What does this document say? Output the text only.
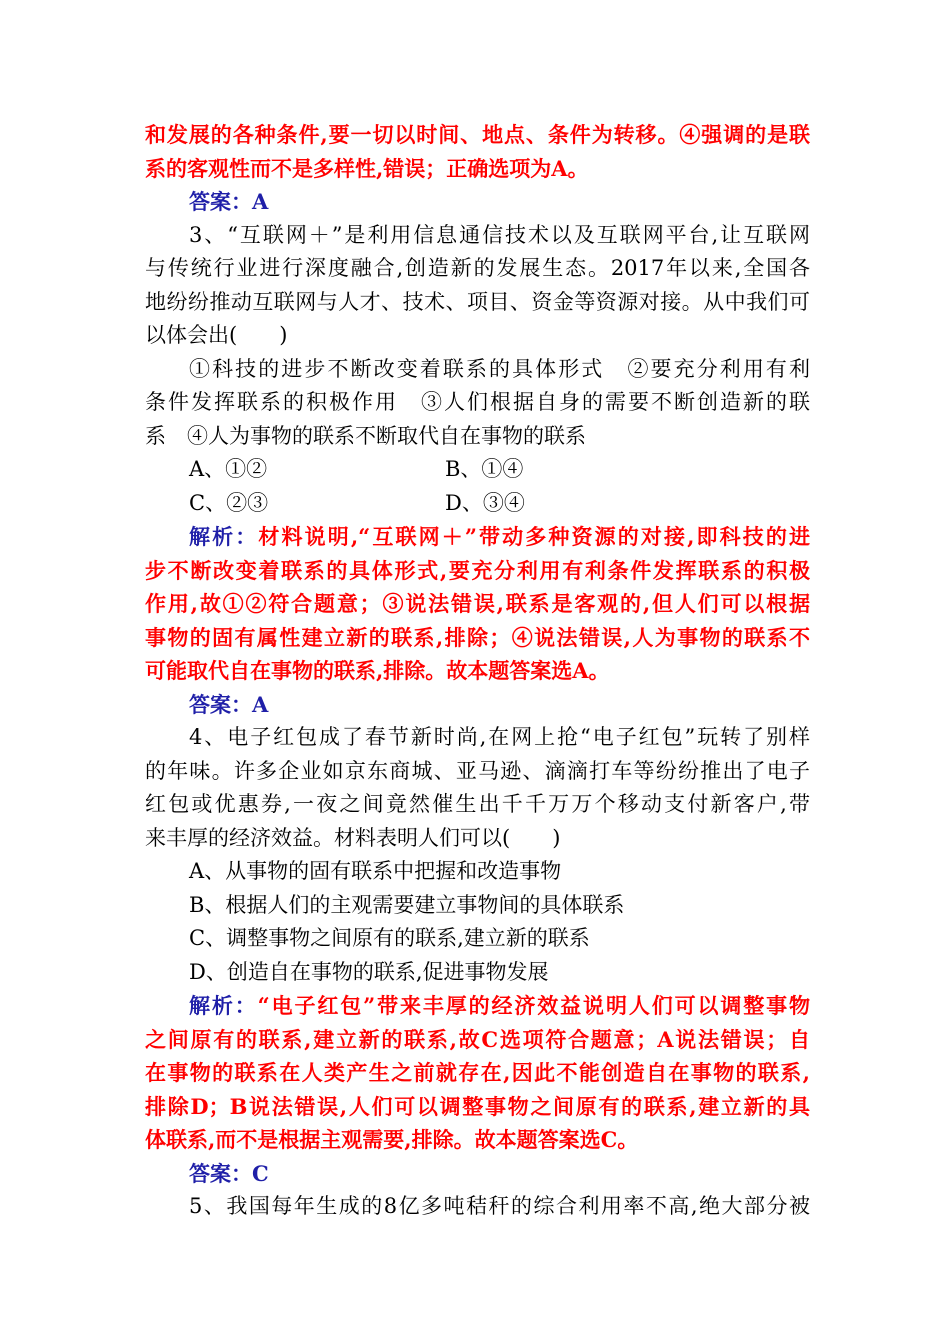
和发展的各种条件,要一切以时间、地点、条件为转移。④强调的是联
系的客观性而不是多样性,错误；正确选项为A。
答案：A
3、“互联网＋”是利用信息通信技术以及互联网平台,让互联网
与传统行业进行深度融合,创造新的发展生态。2017年以来,全国各
地纷纷推动互联网与人才、技术、项目、资金等资源对接。从中我们可
以体会出(　　)
①科技的进步不断改变着联系的具体形式　②要充分利用有利
条件发挥联系的积极作用　③人们根据自身的需要不断创造新的联
系　④人为事物的联系不断取代自在事物的联系
A、①②	B、①④
C、②③	D、③④
解析：材料说明,“互联网＋”带动多种资源的对接,即科技的进
步不断改变着联系的具体形式,要充分利用有利条件发挥联系的积极
作用,故①②符合题意；③说法错误,联系是客观的,但人们可以根据
事物的固有属性建立新的联系,排除；④说法错误,人为事物的联系不
可能取代自在事物的联系,排除。故本题答案选A。
答案：A
4、电子红包成了春节新时尚,在网上抢“电子红包”玩转了别样
的年味。许多企业如京东商城、亚马逊、滴滴打车等纷纷推出了电子
红包或优惠券,一夜之间竟然催生出千千万万个移动支付新客户,带
来丰厚的经济效益。材料表明人们可以(　　)
A、从事物的固有联系中把握和改造事物
B、根据人们的主观需要建立事物间的具体联系
C、调整事物之间原有的联系,建立新的联系
D、创造自在事物的联系,促进事物发展
解析：“电子红包”带来丰厚的经济效益说明人们可以调整事物
之间原有的联系,建立新的联系,故C选项符合题意；A说法错误；自
在事物的联系在人类产生之前就存在,因此不能创造自在事物的联系,
排除D；B说法错误,人们可以调整事物之间原有的联系,建立新的具
体联系,而不是根据主观需要,排除。故本题答案选C。
答案：C
5、我国每年生成的8亿多吨秸秆的综合利用率不高,绝大部分被
